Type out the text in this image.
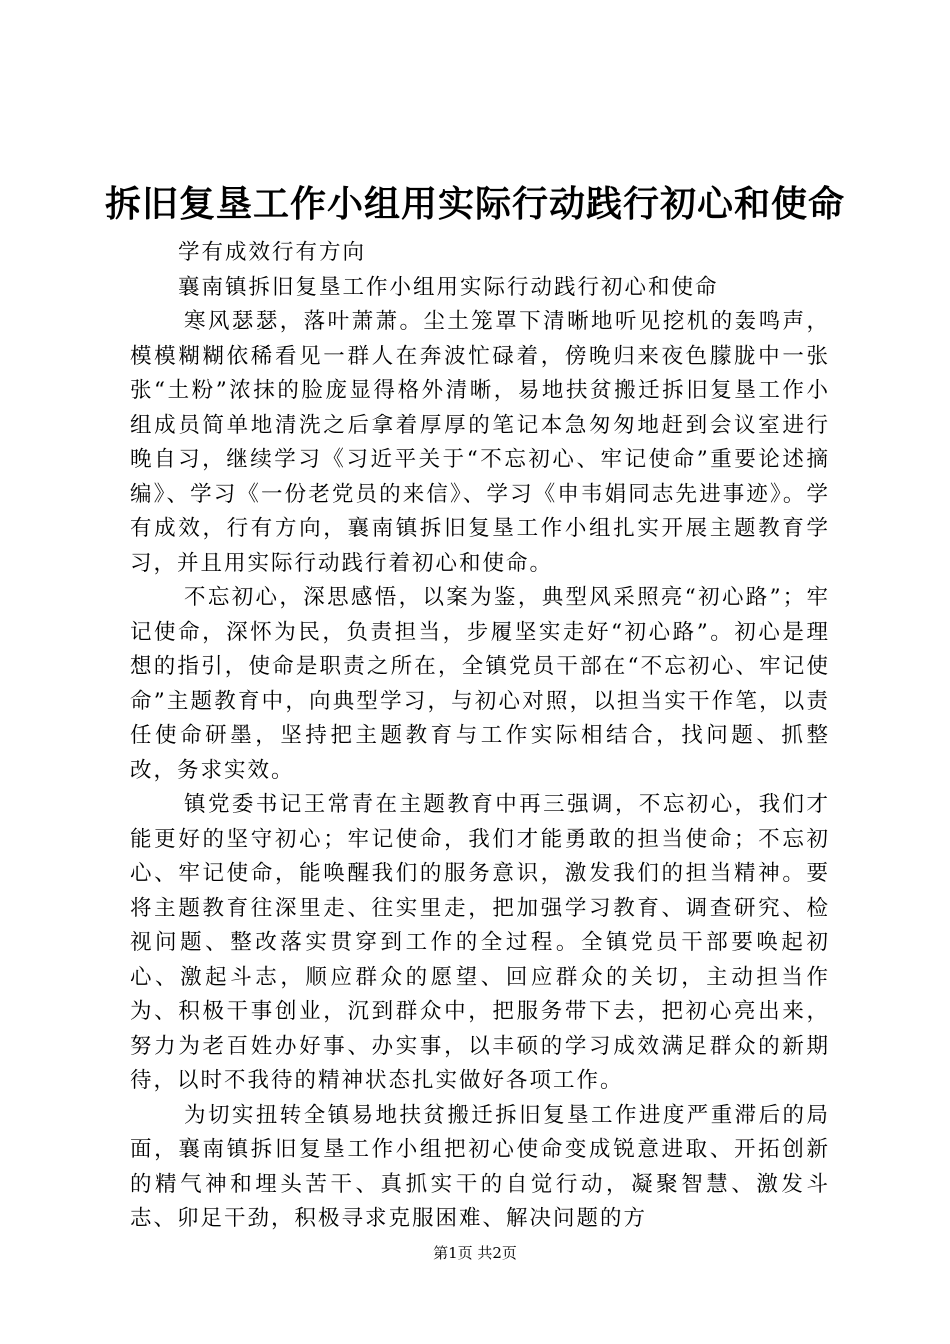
拆旧复垦工作小组用实际行动践行初心和使命

学有成效行有方向

襄南镇拆旧复垦工作小组用实际行动践行初心和使命

寒风瑟瑟，落叶萧萧。尘土笼罩下清晰地听见挖机的轰鸣声，模模糊糊依稀看见一群人在奔波忙碌着，傍晚归来夜色朦胧中一张张“土粉”浓抹的脸庞显得格外清晰，易地扶贫搬迁拆旧复垦工作小组成员简单地清洗之后拿着厚厚的笔记本急匆匆地赶到会议室进行晚自习，继续学习《习近平关于“不忘初心、牢记使命”重要论述摘编》、学习《一份老党员的来信》、学习《申韦娟同志先进事迹》。学有成效，行有方向，襄南镇拆旧复垦工作小组扎实开展主题教育学习，并且用实际行动践行着初心和使命。

不忘初心，深思感悟，以案为鉴，典型风采照亮“初心路”；牢记使命，深怀为民，负责担当，步履坚实走好“初心路”。初心是理想的指引，使命是职责之所在，全镇党员干部在“不忘初心、牢记使命”主题教育中，向典型学习，与初心对照，以担当实干作笔，以责任使命研墨，坚持把主题教育与工作实际相结合，找问题、抓整改，务求实效。

镇党委书记王常青在主题教育中再三强调，不忘初心，我们才能更好的坚守初心；牢记使命，我们才能勇敢的担当使命；不忘初心、牢记使命，能唤醒我们的服务意识，激发我们的担当精神。要将主题教育往深里走、往实里走，把加强学习教育、调查研究、检视问题、整改落实贯穿到工作的全过程。全镇党员干部要唤起初心、激起斗志，顺应群众的愿望、回应群众的关切，主动担当作为、积极干事创业，沉到群众中，把服务带下去，把初心亮出来，努力为老百姓办好事、办实事，以丰硕的学习成效满足群众的新期待，以时不我待的精神状态扎实做好各项工作。

为切实扭转全镇易地扶贫搬迁拆旧复垦工作进度严重滞后的局面，襄南镇拆旧复垦工作小组把初心使命变成锐意进取、开拓创新的精气神和埋头苦干、真抓实干的自觉行动，凝聚智慧、激发斗志、卯足干劲，积极寻求克服困难、解决问题的方

第1页 共2页
